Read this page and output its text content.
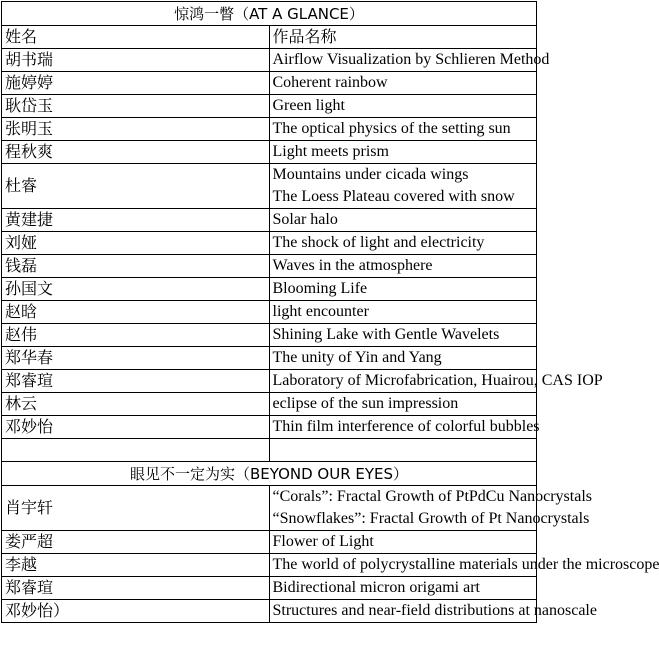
惊鸿一瞥（AT A GLANCE）	
姓名	作品名称
胡书瑞	Airflow Visualization by Schlieren Method

施婷婷	Coherent rainbow

耿岱玉	Green light

张明玉	The optical physics of the setting sun

程秋爽	Light meets prism

杜睿	Mountains under cicada wings
The Loess Plateau covered with snow

黄建捷	Solar halo

刘娅	The shock of light and electricity

钱磊	Waves in the atmosphere

孙国文	Blooming Life

赵晗	light encounter

赵伟	Shining Lake with Gentle Wavelets

郑华春	The unity of Yin and Yang

郑睿瑄	Laboratory of Microfabrication, Huairou, CAS IOP

林云	eclipse of the sun impression

邓妙怡	Thin film interference of colorful bubbles

眼见不一定为实（BEYOND OUR EYES）	
肖宇轩	“Corals”: Fractal Growth of PtPdCu Nanocrystals
“Snowflakes”: Fractal Growth of Pt Nanocrystals

娄严超	Flower of Light

李越	The world of polycrystalline materials under the microscope

郑睿瑄	Bidirectional micron origami art

邓妙怡）	Structures and near-field distributions at nanoscale
